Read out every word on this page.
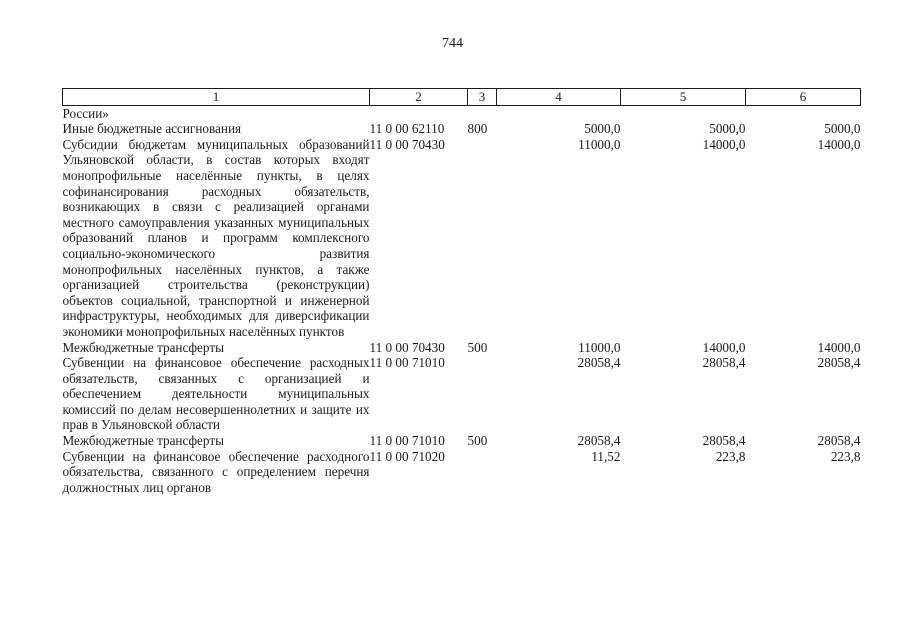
744
1	2	3	4	5	6
России»					
Иные бюджетные ассигнования	11 0 00 62110	800	5000,0	5000,0	5000,0
Субсидии бюджетам муниципальных образований Ульяновской области, в состав которых входят монопрофильные населённые пункты, в целях софинансирования расходных обязательств, возникающих в связи с реализацией органами местного самоуправления указанных муниципальных образований планов и программ комплексного социально-экономического развития монопрофильных населённых пунктов, а также организацией строительства (реконструкции) объектов социальной, транспортной и инженерной инфраструктуры, необходимых для диверсификации экономики монопрофильных населённых пунктов	11 0 00 70430		11000,0	14000,0	14000,0
Межбюджетные трансферты	11 0 00 70430	500	11000,0	14000,0	14000,0
Субвенции на финансовое обеспечение расходных обязательств, связанных с организацией и обеспечением деятельности муниципальных комиссий по делам несовершеннолетних и защите их прав в Ульяновской области	11 0 00 71010		28058,4	28058,4	28058,4
Межбюджетные трансферты	11 0 00 71010	500	28058,4	28058,4	28058,4
Субвенции на финансовое обеспечение расходного обязательства, связанного с определением перечня должностных лиц органов	11 0 00 71020		11,52	223,8	223,8
